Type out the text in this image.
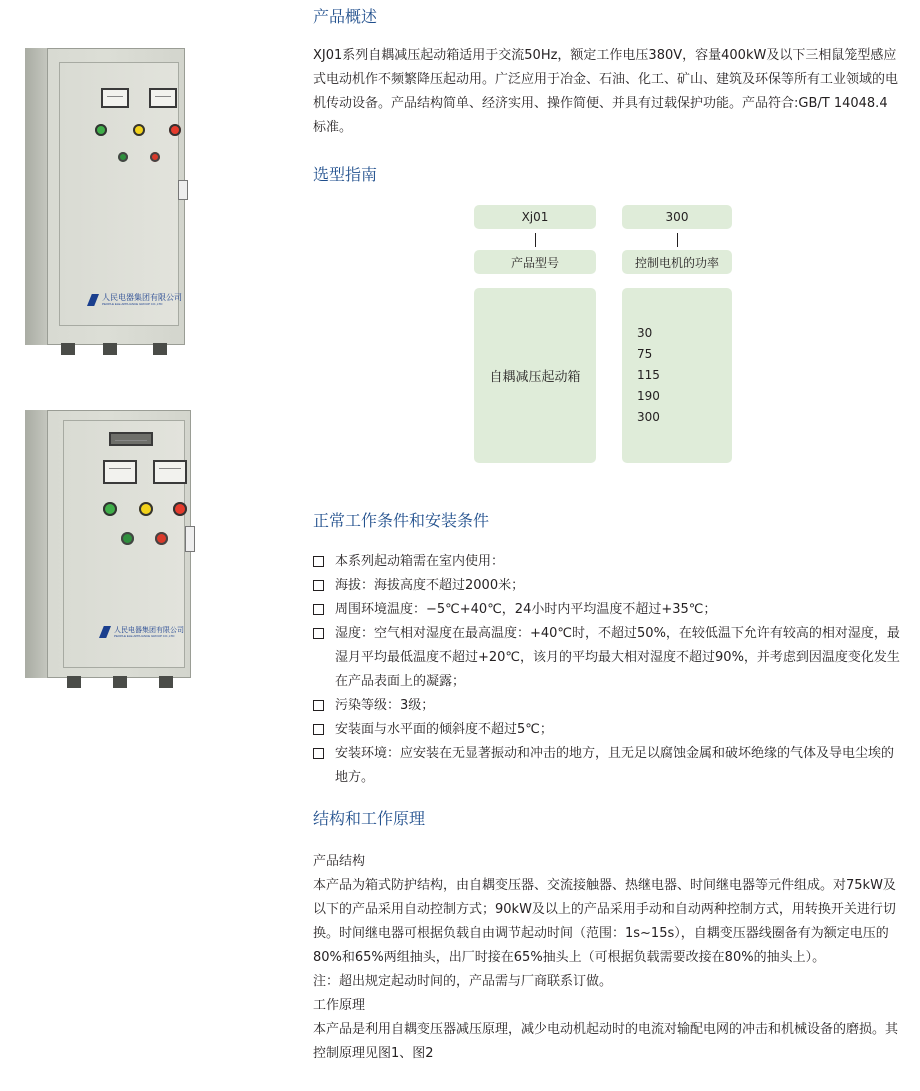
人民电器集团有限公司
PEOPLE ELE.APPLIANCE GROUP CO.,LTD
人民电器集团有限公司
PEOPLE ELE.APPLIANCE GROUP CO.,LTD
产品概述

XJ01系列自耦减压起动箱适用于交流50Hz，额定工作电压380V，容量400kW及以下三相鼠笼型感应式电动机作不频繁降压起动用。广泛应用于冶金、石油、化工、矿山、建筑及环保等所有工业领域的电机传动设备。产品结构简单、经济实用、操作简便、并具有过载保护功能。产品符合:GB/T 14048.4标准。

选型指南
Xj01	300
产品型号	控制电机的功率
自耦减压起动箱
30
75
115
190
300
正常工作条件和安装条件
本系列起动箱需在室内使用：
海拔：海拔高度不超过2000米；
周围环境温度：−5℃+40℃，24小时内平均温度不超过+35℃；
湿度：空气相对湿度在最高温度：+40℃时，不超过50%，在较低温下允许有较高的相对湿度，最湿月平均最低温度不超过+20℃，该月的平均最大相对湿度不超过90%，并考虑到因温度变化发生在产品表面上的凝露；
污染等级：3级；
安装面与水平面的倾斜度不超过5℃；
安装环境：应安装在无显著振动和冲击的地方，且无足以腐蚀金属和破坏绝缘的气体及导电尘埃的地方。
结构和工作原理
产品结构
本产品为箱式防护结构，由自耦变压器、交流接触器、热继电器、时间继电器等元件组成。对75kW及以下的产品采用自动控制方式；90kW及以上的产品采用手动和自动两种控制方式，用转换开关进行切换。时间继电器可根据负载自由调节起动时间（范围：1s~15s），自耦变压器线圈备有为额定电压的80%和65%两组抽头，出厂时接在65%抽头上（可根据负载需要改接在80%的抽头上）。
注：超出规定起动时间的，产品需与厂商联系订做。
工作原理
本产品是利用自耦变压器减压原理，减少电动机起动时的电流对输配电网的冲击和机械设备的磨损。其控制原理见图1、图2
